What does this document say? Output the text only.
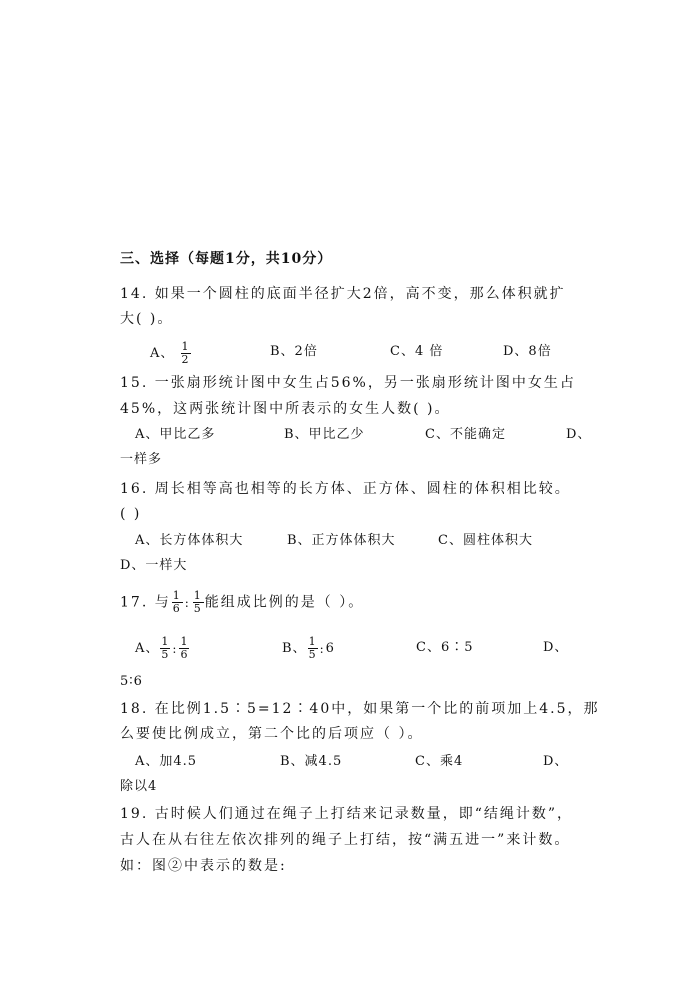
三、选择（每题1分，共10分）
14. 如果一个圆柱的底面半径扩大2倍，高不变，那么体积就扩
大( )。
A、 $\frac{1}{2}$	B、2倍	C、4 倍	D、8倍
15. 一张扇形统计图中女生占56%，另一张扇形统计图中女生占
45%，这两张统计图中所表示的女生人数( )。
A、甲比乙多	B、甲比乙少	C、不能确定	D、
一样多
16. 周长相等高也相等的长方体、正方体、圆柱的体积相比较。
( )
A、长方体体积大	B、正方体体积大	C、圆柱体积大
D、一样大
17. 与 $\frac{1}{6}$ : $\frac{1}{5}$ 能组成比例的是（ ）。
A、 $\frac{1}{5}$ : $\frac{1}{6}$	B、 $\frac{1}{5}$ :6	C、6∶5	D、
5∶6
18. 在比例1.5∶5=12∶40中，如果第一个比的前项加上4.5，那
么要使比例成立，第二个比的后项应（ ）。
A、加4.5	B、减4.5	C、乘4	D、
除以4
19. 古时候人们通过在绳子上打结来记录数量，即“结绳计数”，
古人在从右往左依次排列的绳子上打结，按“满五进一”来计数。
如：图②中表示的数是:
